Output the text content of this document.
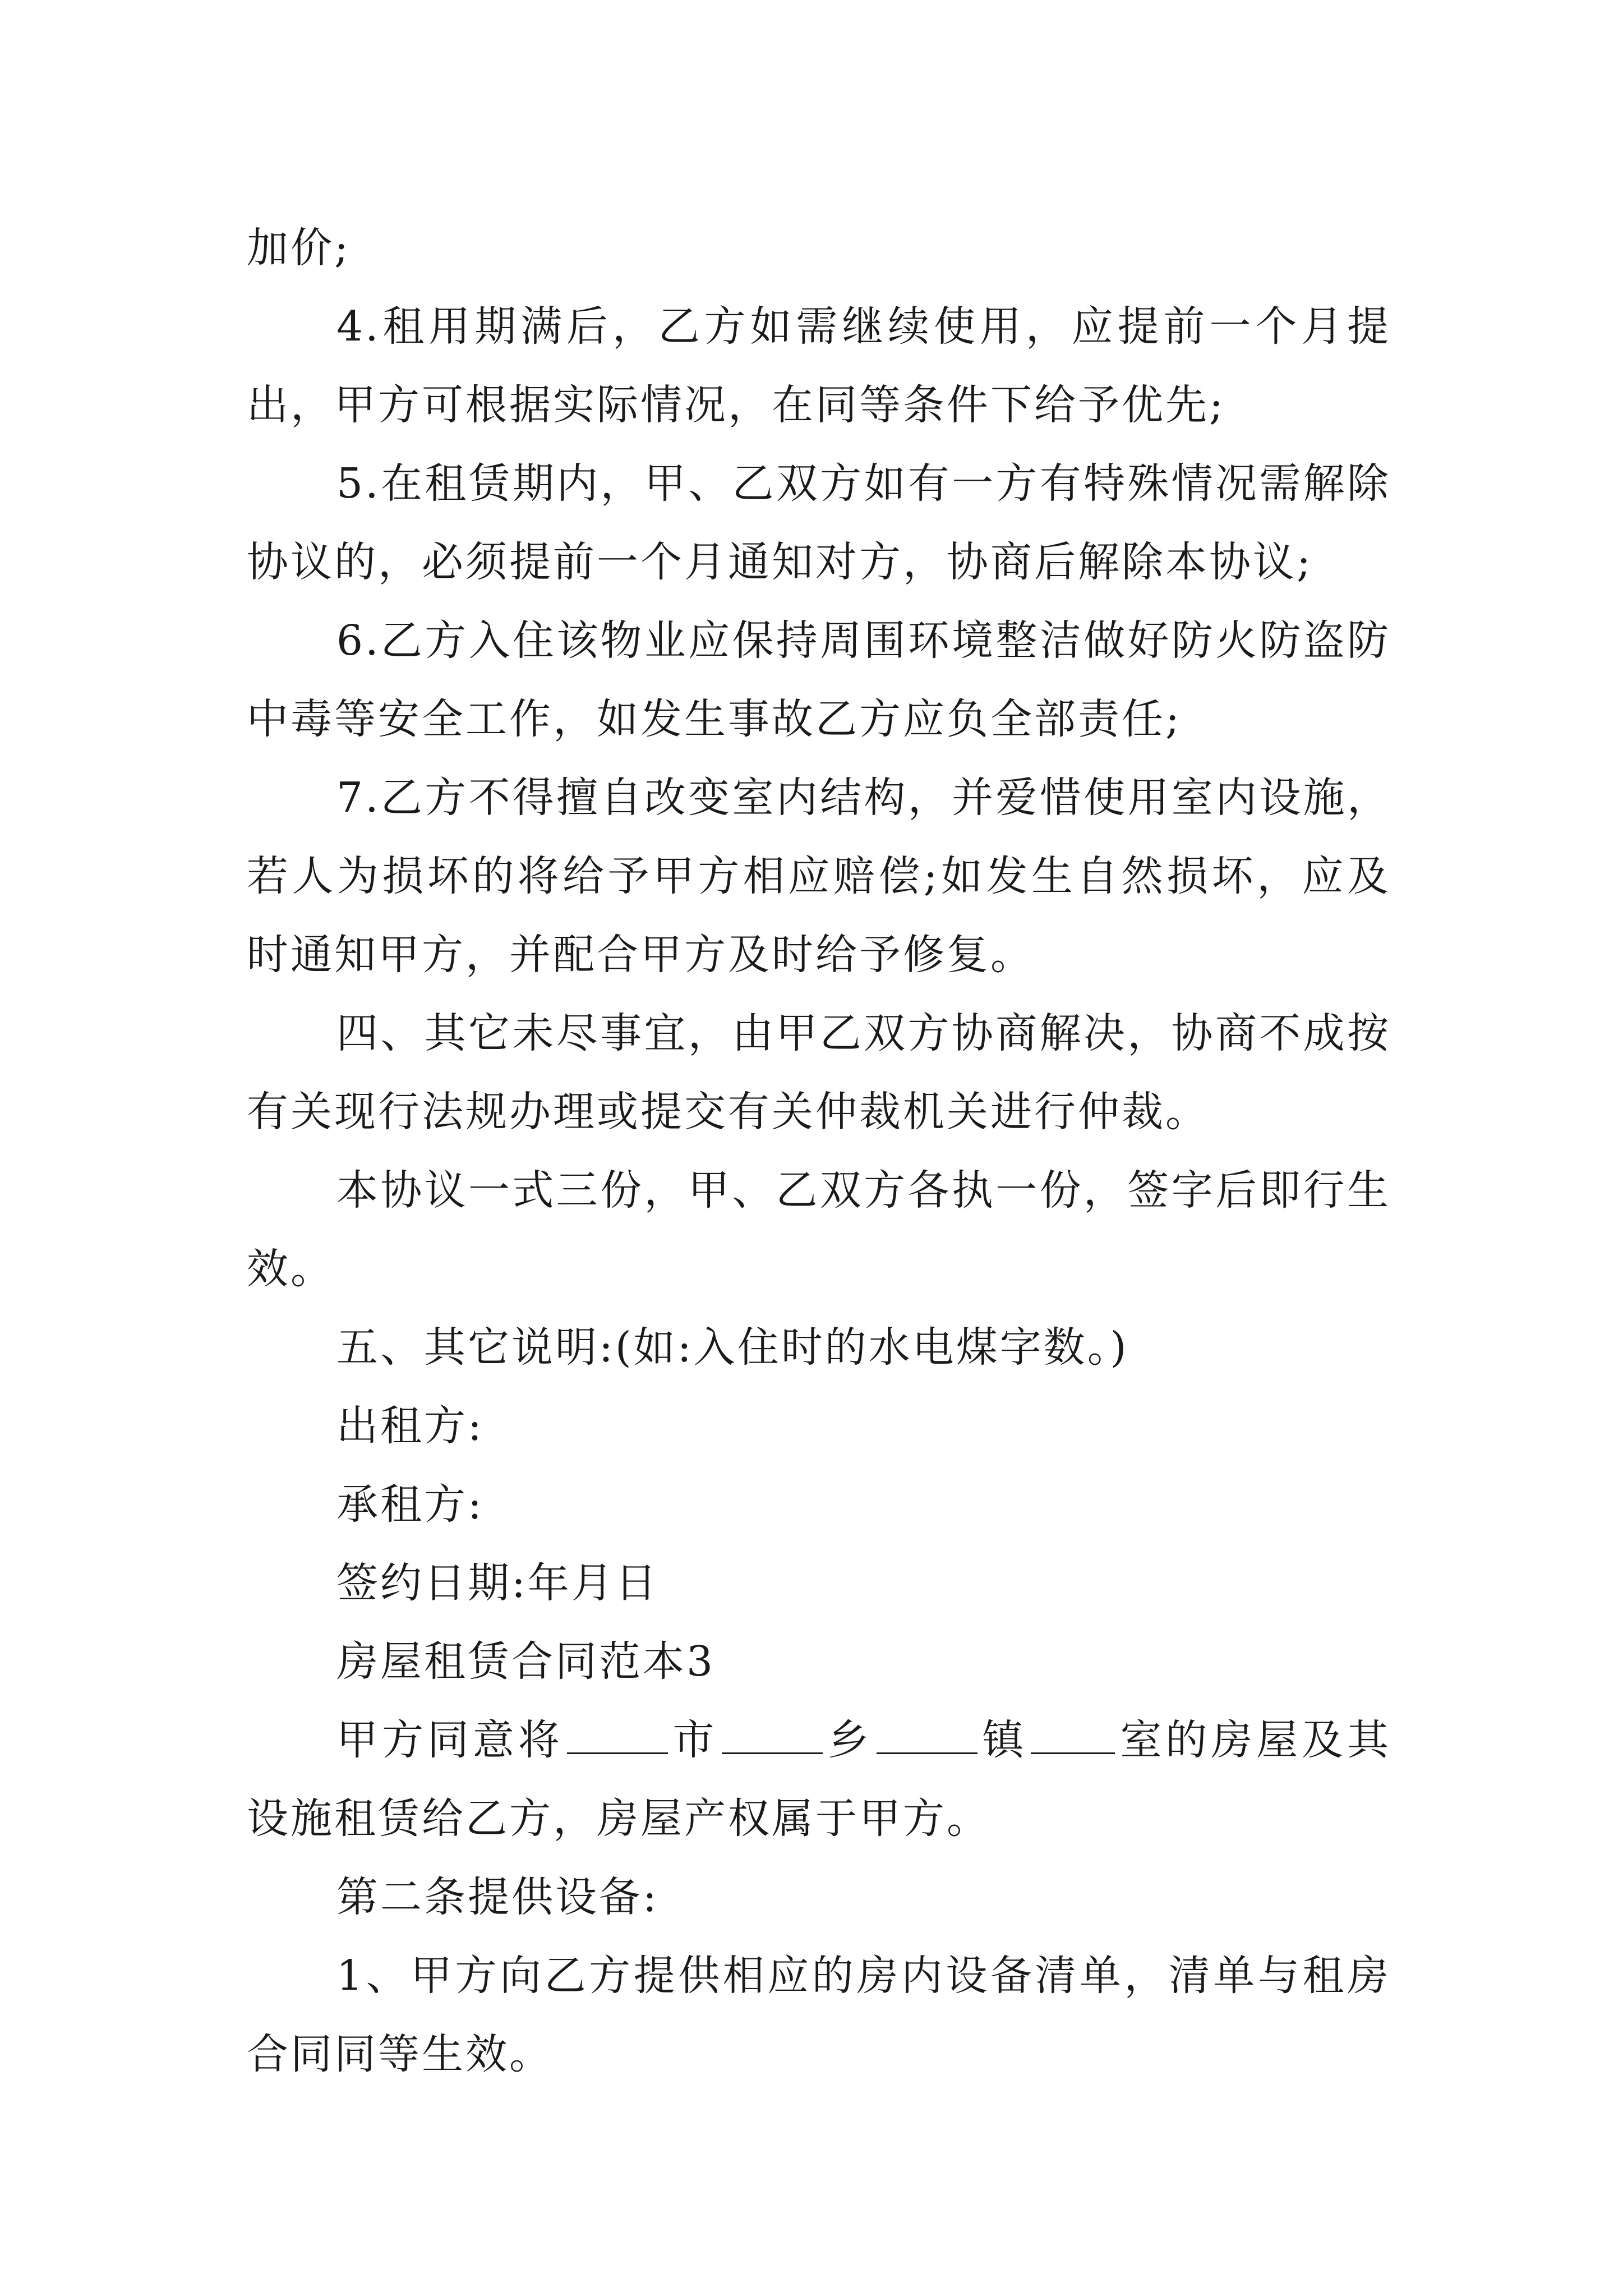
加价;

4.租用期满后，乙方如需继续使用，应提前一个月提出，甲方可根据实际情况，在同等条件下给予优先;

5.在租赁期内，甲、乙双方如有一方有特殊情况需解除协议的，必须提前一个月通知对方，协商后解除本协议;

6.乙方入住该物业应保持周围环境整洁做好防火防盗防中毒等安全工作，如发生事故乙方应负全部责任;

7.乙方不得擅自改变室内结构，并爱惜使用室内设施，若人为损坏的将给予甲方相应赔偿;如发生自然损坏，应及时通知甲方，并配合甲方及时给予修复。

四、其它未尽事宜，由甲乙双方协商解决，协商不成按有关现行法规办理或提交有关仲裁机关进行仲裁。

本协议一式三份，甲、乙双方各执一份，签字后即行生效。

五、其它说明:(如:入住时的水电煤字数。)

出租方:

承租方:

签约日期:年月日

房屋租赁合同范本3

甲方同意将	市	乡	镇 室的房屋及其设施租赁给乙方，房屋产权属于甲方。

第二条提供设备:

1、甲方向乙方提供相应的房内设备清单，清单与租房合同同等生效。
